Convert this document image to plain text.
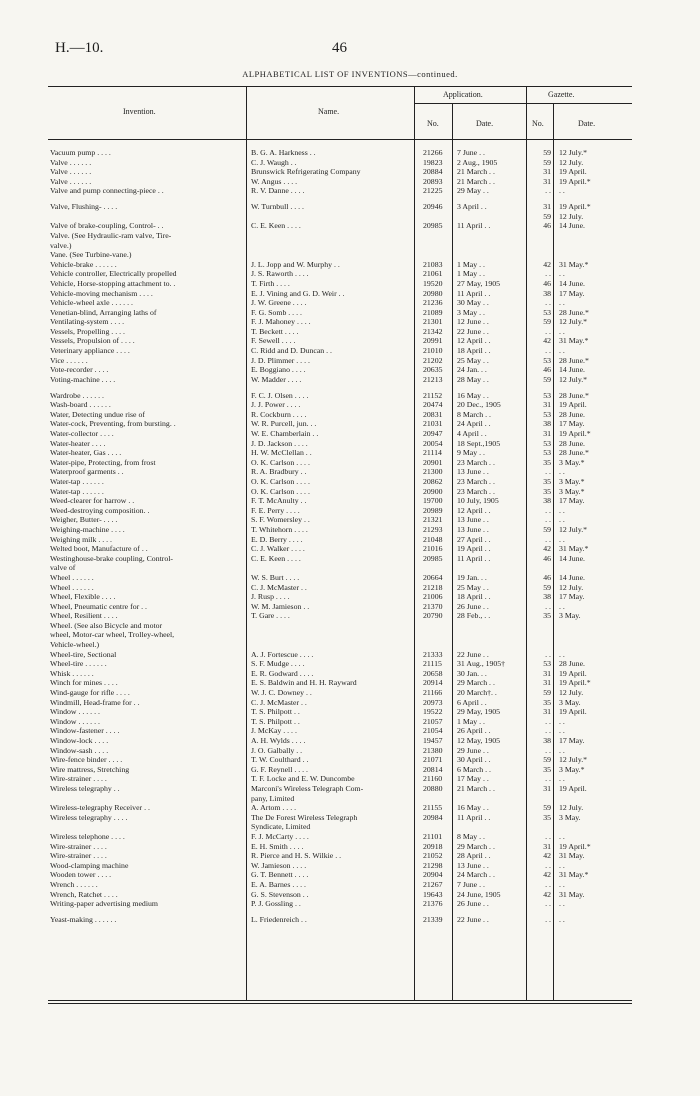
H.—10.	46
ALPHABETICAL LIST OF INVENTIONS—continued.
Invention.	Name.
Application.	Gazette.
No.	Date.	No.	Date.
Vacuum pump . . . .	B. G. A. Harkness . .	21266	7 June . .	59 12 July.*
Valve . . . . . .	C. J. Waugh . .	19823	2 Aug., 1905	59 12 July.
Valve . . . . . .	Brunswick Refrigerating Company	20884	21 March . .	31 19 April.
Valve . . . . . .	W. Angus . . . .	20893	21 March . .	31 19 April.*
Valve and pump connecting-piece . .	R. V. Danne . . . .	21225	29 May . .	. . . .
Valve, Flushing- . . . .	W. Turnbull . . . .	20946	3 April . .	31 19 April.*
59 12 July.
Valve of brake-coupling, Control- . .	C. E. Keen . . . .	20985	11 April . .	46 14 June.
Valve. (See Hydraulic-ram valve, Tire-
valve.)
Vane. (See Turbine-vane.)
Vehicle-brake . . . . . .	J. L. Jopp and W. Murphy . .	21083	1 May . .	42 31 May.*
Vehicle controller, Electrically propelled	J. S. Raworth . . . .	21061	1 May . .	. . . .
Vehicle, Horse-stopping attachment to. .	T. Firth . . . .	19520	27 May, 1905	46 14 June.
Vehicle-moving mechanism . . . .	E. J. Vining and G. D. Weir . .	20980	11 April . .	38 17 May.
Vehicle-wheel axle . . . . . .	J. W. Greene . . . .	21236	30 May . .	. . . .
Venetian-blind, Arranging laths of	F. G. Somb . . . .	21089	3 May . .	53 28 June.*
Ventilating-system . . . .	F. J. Mahoney . . . .	21301	12 June . .	59 12 July.*
Vessels, Propelling . . . .	T. Beckett . . . .	21342	22 June . .	. . . .
Vessels, Propulsion of . . . .	F. Sewell . . . .	20991	12 April . .	42 31 May.*
Veterinary appliance . . . .	C. Ridd and D. Duncan . .	21010	18 April . .	. . . .
Vice . . . . . .	J. D. Plimmer . . . .	21202	25 May . .	53 28 June.*
Vote-recorder . . . .	E. Boggiano . . . .	20635	24 Jan. . .	46 14 June.
Voting-machine . . . .	W. Madder . . . .	21213	28 May . .	59 12 July.*
Wardrobe . . . . . .	F. C. J. Olsen . . . .	21152	16 May . .	53 28 June.*
Wash-board . . . . . .	J. J. Power . . . .	20474	20 Dec., 1905	31 19 April.
Water, Detecting undue rise of	R. Cockburn . . . .	20831	8 March . .	53 28 June.
Water-cock, Preventing, from bursting. .	W. R. Purcell, jun. . .	21031	24 April . .	38 17 May.
Water-collector . . . .	W. E. Chamberlain . .	20947	4 April . .	31 19 April.*
Water-heater . . . .	J. D. Jackson . . . .	20054	18 Sept.,1905	53 28 June.
Water-heater, Gas . . . .	H. W. McClellan . .	21114	9 May . .	53 28 June.*
Water-pipe, Protecting, from frost	O. K. Carlson . . . .	20901	23 March . .	35 3 May.*
Waterproof garments . .	R. A. Bradbury . .	21300	13 June . .	. . . .
Water-tap . . . . . .	O. K. Carlson . . . .	20862	23 March . .	35 3 May.*
Water-tap . . . . . .	O. K. Carlson . . . .	20900	23 March . .	35 3 May.*
Weed-clearer for harrow . .	F. T. McAnulty . .	19700	10 July, 1905	38 17 May.
Weed-destroying composition. .	F. E. Perry . . . .	20989	12 April . .	. . . .
Weigher, Butter- . . . .	S. F. Womersley . .	21321	13 June . .	. . . .
Weighing-machine . . . .	T. Whitehorn . . . .	21293	13 June . .	59 12 July.*
Weighing milk . . . .	E. D. Berry . . . .	21048	27 April . .	. . . .
Welted boot, Manufacture of . .	C. J. Walker . . . .	21016	19 April . .	42 31 May.*
Westinghouse-brake coupling, Control-	C. E. Keen . . . .	20985	11 April . .	46 14 June.
valve of
Wheel . . . . . .	W. S. Burt . . . .	20664	19 Jan. . .	46 14 June.
Wheel . . . . . .	C. J. McMaster . .	21218	25 May . .	59 12 July.
Wheel, Flexible . . . .	J. Rusp . . . .	21006	18 April . .	38 17 May.
Wheel, Pneumatic centre for . .	W. M. Jamieson . .	21370	26 June . .	. . . .
Wheel, Resilient . . . .	T. Gare . . . .	20790	28 Feb., . .	35 3 May.
Wheel. (See also Bicycle and motor
wheel, Motor-car wheel, Trolley-wheel,
Vehicle-wheel.)
Wheel-tire, Sectional	A. J. Fortescue . . . .	21333	22 June . .	. . . .
Wheel-tire . . . . . .	S. F. Mudge . . . .	21115	31 Aug., 1905†	53 28 June.
Whisk . . . . . .	E. R. Godward . . . .	20658	30 Jan. . .	31 19 April.
Winch for mines . . . .	E. S. Baldwin and H. H. Rayward	20914	29 March . .	31 19 April.*
Wind-gauge for rifle . . . .	W. J. C. Downey . .	21166	20 March†. .	59 12 July.
Windmill, Head-frame for . .	C. J. McMaster . .	20973	6 April . .	35 3 May.
Window . . . . . .	T. S. Philpott . .	19522	29 May, 1905	31 19 April.
Window . . . . . .	T. S. Philpott . .	21057	1 May . .	. . . .
Window-fastener . . . .	J. McKay . . . .	21054	26 April . .	. . . .
Window-lock . . . .	A. H. Wylds . . . .	19457	12 May, 1905	38 17 May.
Window-sash . . . .	J. O. Galbally . .	21380	29 June . .	. . . .
Wire-fence binder . . . .	T. W. Coulthard . .	21071	30 April . .	59 12 July.*
Wire mattress, Stretching	G. F. Reynell . . . .	20814	6 March . .	35 3 May.*
Wire-strainer . . . .	T. F. Locke and E. W. Duncombe	21160	17 May . .	. . . .
Wireless telegraphy . .	Marconi's Wireless Telegraph Com-	20880	21 March . .	31 19 April.
pany, Limited
Wireless-telegraphy Receiver . .	A. Artom . . . .	21155	16 May . .	59 12 July.
Wireless telegraphy . . . .	The De Forest Wireless Telegraph	20984	11 April . .	35 3 May.
Syndicate, Limited
Wireless telephone . . . .	F. J. McCarty . . . .	21101	8 May . .	. . . .
Wire-strainer . . . .	E. H. Smith . . . .	20918	29 March . .	31 19 April.*
Wire-strainer . . . .	R. Pierce and H. S. Wilkie . .	21052	28 April . .	42 31 May.
Wood-clamping machine	W. Jamieson . . . .	21298	13 June . .	. . . .
Wooden tower . . . .	G. T. Bennett . . . .	20904	24 March . .	42 31 May.*
Wrench . . . . . .	E. A. Barnes . . . .	21267	7 June . .	. . . .
Wrench, Ratchet . . . .	G. S. Stevenson . .	19643	24 June, 1905	42 31 May.
Writing-paper advertising medium	P. J. Gossling . .	21376	26 June . .	. . . .
Yeast-making . . . . . .	L. Friedenreich . .	21339	22 June . .	. . . .
